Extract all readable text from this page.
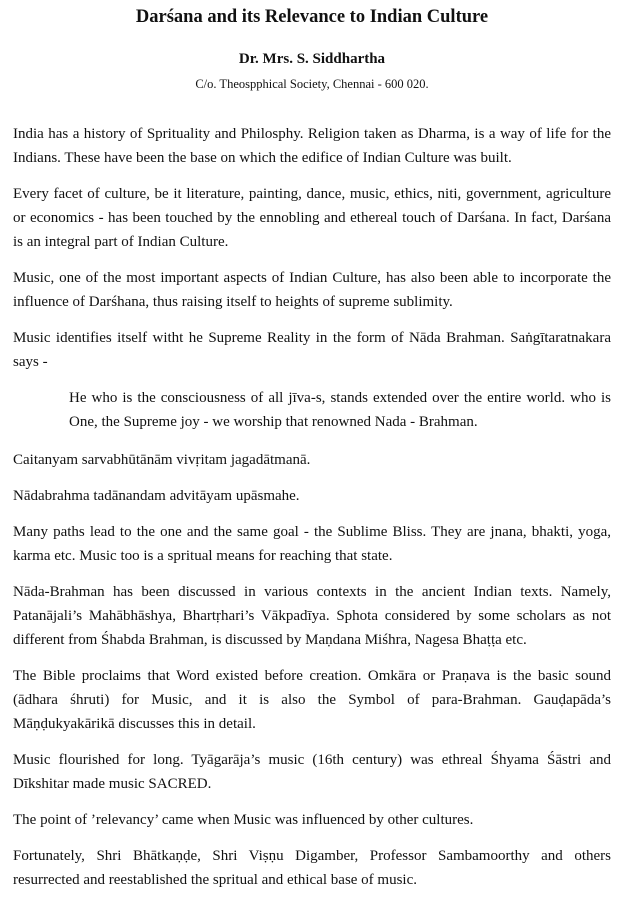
Darśana and its Relevance to Indian Culture
Dr. Mrs. S. Siddhartha
C/o. Theospphical Society, Chennai - 600 020.

India has a history of Sprituality and Philosphy. Religion taken as Dharma, is a way of life for the Indians. These have been the base on which the edifice of Indian Culture was built.

Every facet of culture, be it literature, painting, dance, music, ethics, niti, government, agriculture or economics - has been touched by the ennobling and ethereal touch of Darśana. In fact, Darśana is an integral part of Indian Culture.

Music, one of the most important aspects of Indian Culture, has also been able to incorporate the influence of Darśhana, thus raising itself to heights of supreme sublimity.

Music identifies itself witht he Supreme Reality in the form of Nāda Brahman. Saṅgītaratnakara says -

He who is the consciousness of all jīva-s, stands extended over the entire world. who is One, the Supreme joy - we worship that renowned Nada - Brahman.

Caitanyam sarvabhūtānām vivṛitam jagadātmanā.

Nādabrahma tadānandam advitāyam upāsmahe.

Many paths lead to the one and the same goal - the Sublime Bliss. They are jnana, bhakti, yoga, karma etc. Music too is a spritual means for reaching that state.

Nāda-Brahman has been discussed in various contexts in the ancient Indian texts. Namely, Patanājali’s Mahābhāshya, Bhartṛhari’s Vākpadīya. Sphota considered by some scholars as not different from Śhabda Brahman, is discussed by Maṇdana Miśhra, Nagesa Bhaṭṭa etc.

The Bible proclaims that Word existed before creation. Omkāra or Praṇava is the basic sound (ādhara śhruti) for Music, and it is also the Symbol of para-Brahman. Gauḍapāda’s Māṇḍukyakārikā discusses this in detail.

Music flourished for long. Tyāgarāja’s music (16th century) was ethreal Śhyama Śāstri and Dīkshitar made music SACRED.

The point of ’relevancy’ came when Music was influenced by other cultures.

Fortunately, Shri Bhātkaṇḍe, Shri Viṣṇu Digamber, Professor Sambamoorthy and others resurrected and reestablished the spritual and ethical base of music.
